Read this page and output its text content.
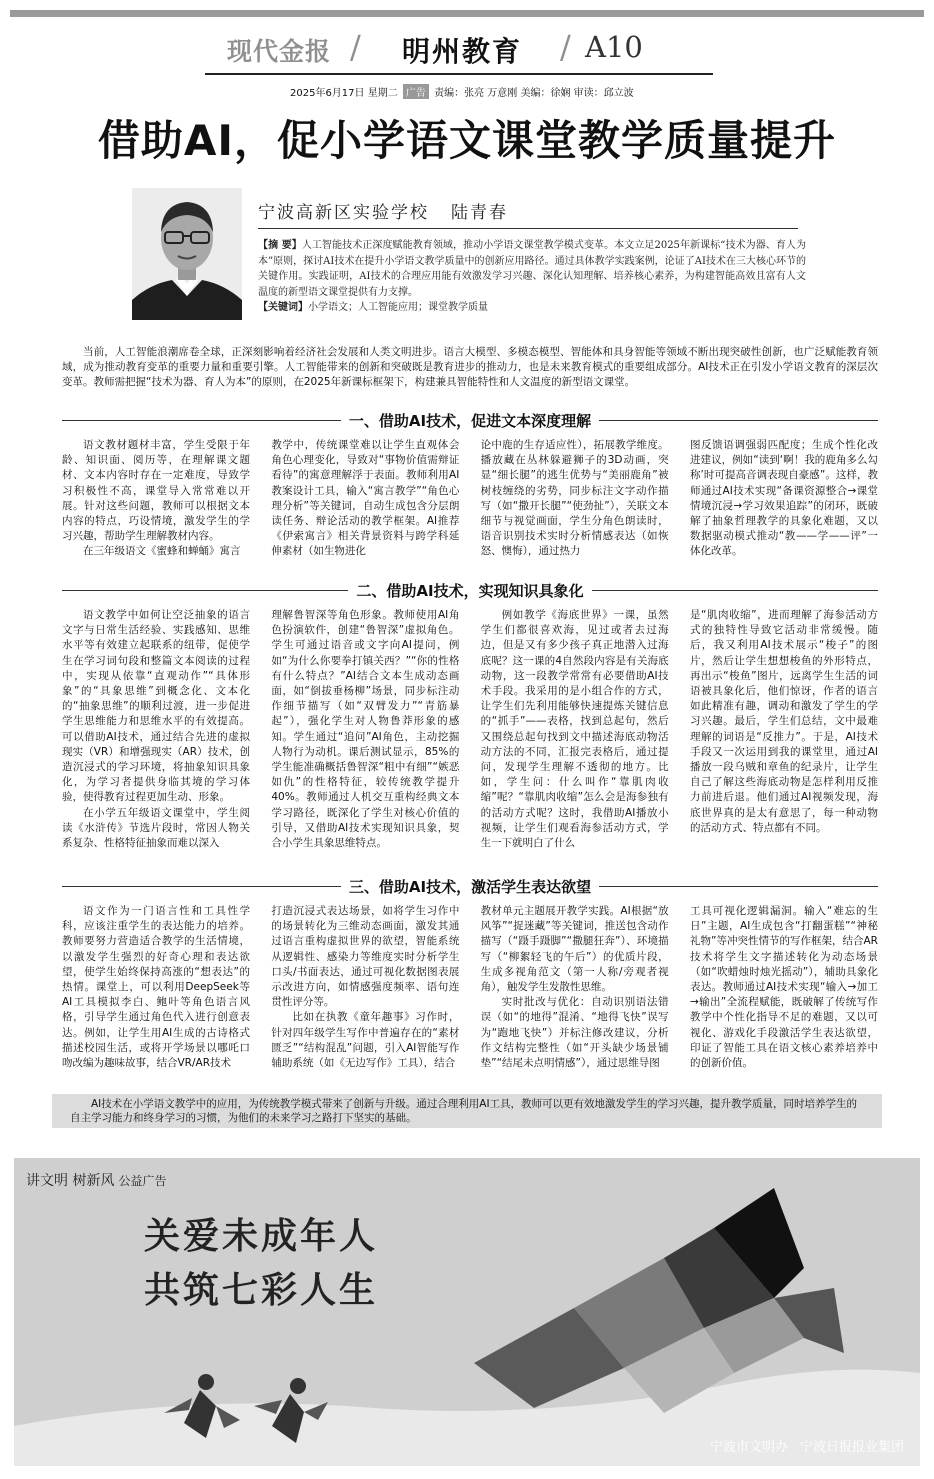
现代金报 / 明州教育 / A10
2025年6月17日 星期二 广告 责编：张亮 万意刚 美编：徐娴 审读：邱立波
借助AI，促小学语文课堂教学质量提升
宁波高新区实验学校 陆青春
【摘 要】人工智能技术正深度赋能教育领域，推动小学语文课堂教学模式变革。本文立足2025年新课标“技术为器、育人为本”原则，探讨AI技术在提升小学语文教学质量中的创新应用路径。通过具体教学实践案例，论证了AI技术在三大核心环节的关键作用。实践证明，AI技术的合理应用能有效激发学习兴趣、深化认知理解、培养核心素养，为构建智能高效且富有人文温度的新型语文课堂提供有力支撑。
【关键词】小学语文；人工智能应用；课堂教学质量
当前，人工智能浪潮席卷全球，正深刻影响着经济社会发展和人类文明进步。语言大模型、多模态模型、智能体和具身智能等领域不断出现突破性创新，也广泛赋能教育领域，成为推动教育变革的重要力量和重要引擎。人工智能带来的创新和突破既是教育进步的推动力，也是未来教育模式的重要组成部分。AI技术正在引发小学语文教育的深层次变革。教师需把握“技术为器、育人为本”的原则，在2025年新课标框架下，构建兼具智能特性和人文温度的新型语文课堂。
一、借助AI技术，促进文本深度理解

语文教材题材丰富，学生受限于年龄、知识面、阅历等，在理解课文题材、文本内容时存在一定难度，导致学习积极性不高，课堂导入常常难以开展。针对这些问题，教师可以根据文本内容的特点，巧设情境，激发学生的学习兴趣，帮助学生理解教材内容。

在三年级语文《蜜蜂和蝉蛹》寓言

教学中，传统课堂难以让学生直观体会角色心理变化，导致对“事物价值需辩证看待”的寓意理解浮于表面。教师利用AI教案设计工具，输入“寓言教学”“角色心理分析”等关键词，自动生成包含分层朗读任务、辩论活动的教学框架。AI推荐《伊索寓言》相关背景资料与跨学科延伸素材（如生物进化

论中鹿的生存适应性），拓展教学维度。播放藏在丛林躲避狮子的3D动画，突显“细长腿”的逃生优势与“美丽鹿角”被树枝缠绕的劣势，同步标注文字动作描写（如“撒开长腿”“使劲扯”），关联文本细节与视觉画面，学生分角色朗读时，语音识别技术实时分析情感表达（如恢怒、懊悔），通过热力

图反馈语调强弱匹配度；生成个性化改进建议，例如“读到‘啊！我的鹿角多么勾称’时可提高音调表现自豪感”。这样，教师通过AI技术实现“备课资源整合→课堂情境沉浸→学习效果追踪”的闭环，既破解了抽象哲理教学的具象化难题，又以数据驱动模式推动“教——学——评”一体化改革。

二、借助AI技术，实现知识具象化

语文教学中如何让空泛抽象的语言文字与日常生活经验、实践感知、思维水平等有效建立起联系的纽带，促使学生在学习词句段和整篇文本阅读的过程中，实现从依靠“直观动作”“具体形象”的“具象思维”到概念化、文本化的“抽象思维”的顺利过渡，进一步促进学生思维能力和思维水平的有效提高。可以借助AI技术，通过结合先进的虚拟现实（VR）和增强现实（AR）技术，创造沉浸式的学习环境，将抽象知识具象化，为学习者提供身临其境的学习体验，使得教育过程更加生动、形象。

在小学五年级语文课堂中，学生阅读《水浒传》节选片段时，常因人物关系复杂、性格特征抽象而难以深入

理解鲁智深等角色形象。教师使用AI角色扮演软件，创建“鲁智深”虚拟角色。学生可通过语音或文字向AI提问，例如“为什么你要拳打镇关西？”“你的性格有什么特点？”AI结合文本生成动态画面，如“倒拔垂杨柳”场景，同步标注动作细节描写（如“双臂发力”“青筋暴起”），强化学生对人物鲁莽形象的感知。学生通过“追问”AI角色，主动挖掘人物行为动机。课后测试显示，85%的学生能准确概括鲁智深“粗中有细”“嫉恶如仇”的性格特征，较传统教学提升40%。教师通过人机交互重构经典文本学习路径，既深化了学生对核心价值的引导，又借助AI技术实现知识具象，契合小学生具象思维特点。

例如教学《海底世界》一课，虽然学生们都很喜欢海，见过或者去过海边，但是又有多少孩子真正地潜入过海底呢？这一课的4自然段内容是有关海底动物，这一段教学常常有必要借助AI技术手段。我采用的是小组合作的方式，让学生们先利用能够快速提炼关键信息的“抓手”——表格，找到总起句，然后又围绕总起句找到文中描述海底动物活动方法的不同，汇报完表格后，通过提问，发现学生理解不透彻的地方。比如，学生问：什么叫作“靠肌肉收缩”呢？“靠肌肉收缩”怎么会是海参独有的活动方式呢？这时，我借助AI播放小视频，让学生们观看海参活动方式，学生一下就明白了什么

是“肌肉收缩”，进而理解了海参活动方式的独特性导致它活动非常缓慢。随后，我又利用AI技术展示“梭子”的图片，然后让学生想想梭鱼的外形特点，再出示“梭鱼”图片，远离学生生活的词语被具象化后，他们惊讶，作者的语言如此精准有趣，调动和激发了学生的学习兴趣。最后，学生们总结，文中最难理解的词语是“反推力”。于是，AI技术手段又一次运用到我的课堂里，通过AI播放一段乌贼和章鱼的纪录片，让学生自己了解这些海底动物是怎样利用反推力前进后退。他们通过AI视频发现，海底世界真的是太有意思了，每一种动物的活动方式、特点都有不同。

三、借助AI技术，激活学生表达欲望

语文作为一门语言性和工具性学科，应该注重学生的表达能力的培养。教师要努力营造适合教学的生活情境，以激发学生强烈的好奇心理和表达欲望，使学生始终保持高涨的“想表达”的热情。课堂上，可以利用DeepSeek等AI工具模拟李白、鲍叶等角色语言风格，引导学生通过角色代入进行创意表达。例如，让学生用AI生成的古诗格式描述校园生活，或将开学场景以哪吒口吻改编为趣味故事，结合VR/AR技术

打造沉浸式表达场景，如将学生习作中的场景转化为三维动态画面，激发其通过语言重构虚拟世界的欲望，智能系统从逻辑性、感染力等维度实时分析学生口头/书面表达，通过可视化数据图表展示改进方向，如情感强度频率、语句连贯性评分等。

比如在执教《童年趣事》习作时，针对四年级学生写作中普遍存在的“素材匮乏”“结构混乱”问题，引入AI智能写作辅助系统（如《无边写作》工具），结合

教材单元主题展开教学实践。AI根据“放风筝”“捉迷藏”等关键词，推送包含动作描写（“蹑手蹑脚”“撒腿狂奔”）、环境描写（“柳絮轻飞的午后”）的优质片段，生成多视角范文（第一人称/旁观者视角），触发学生发散性思维。

实时批改与优化：自动识别语法错误（如“的地得”混淆、“地得飞快”误写为“跑地飞快”）并标注修改建议，分析作文结构完整性（如“开头缺少场景铺垫”“结尾未点明情感”），通过思维导图

工具可视化逻辑漏洞。输入“难忘的生日”主题，AI生成包含“打翻蛋糕”“神秘礼物”等冲突性情节的写作框架，结合AR技术将学生文字描述转化为动态场景（如“吹蜡烛时烛光摇动”），辅助具象化表达。教师通过AI技术实现“输入→加工→输出”全流程赋能，既破解了传统写作教学中个性化指导不足的难题，又以可视化、游戏化手段激活学生表达欲望，印证了智能工具在语文核心素养培养中的创新价值。

AI技术在小学语文教学中的应用，为传统教学模式带来了创新与升级。通过合理利用AI工具，教师可以更有效地激发学生的学习兴趣，提升教学质量，同时培养学生的自主学习能力和终身学习的习惯，为他们的未来学习之路打下坚实的基础。
讲文明 树新风 公益广告
关爱未成年人
共筑七彩人生
宁波市文明办 宁波日报报业集团
